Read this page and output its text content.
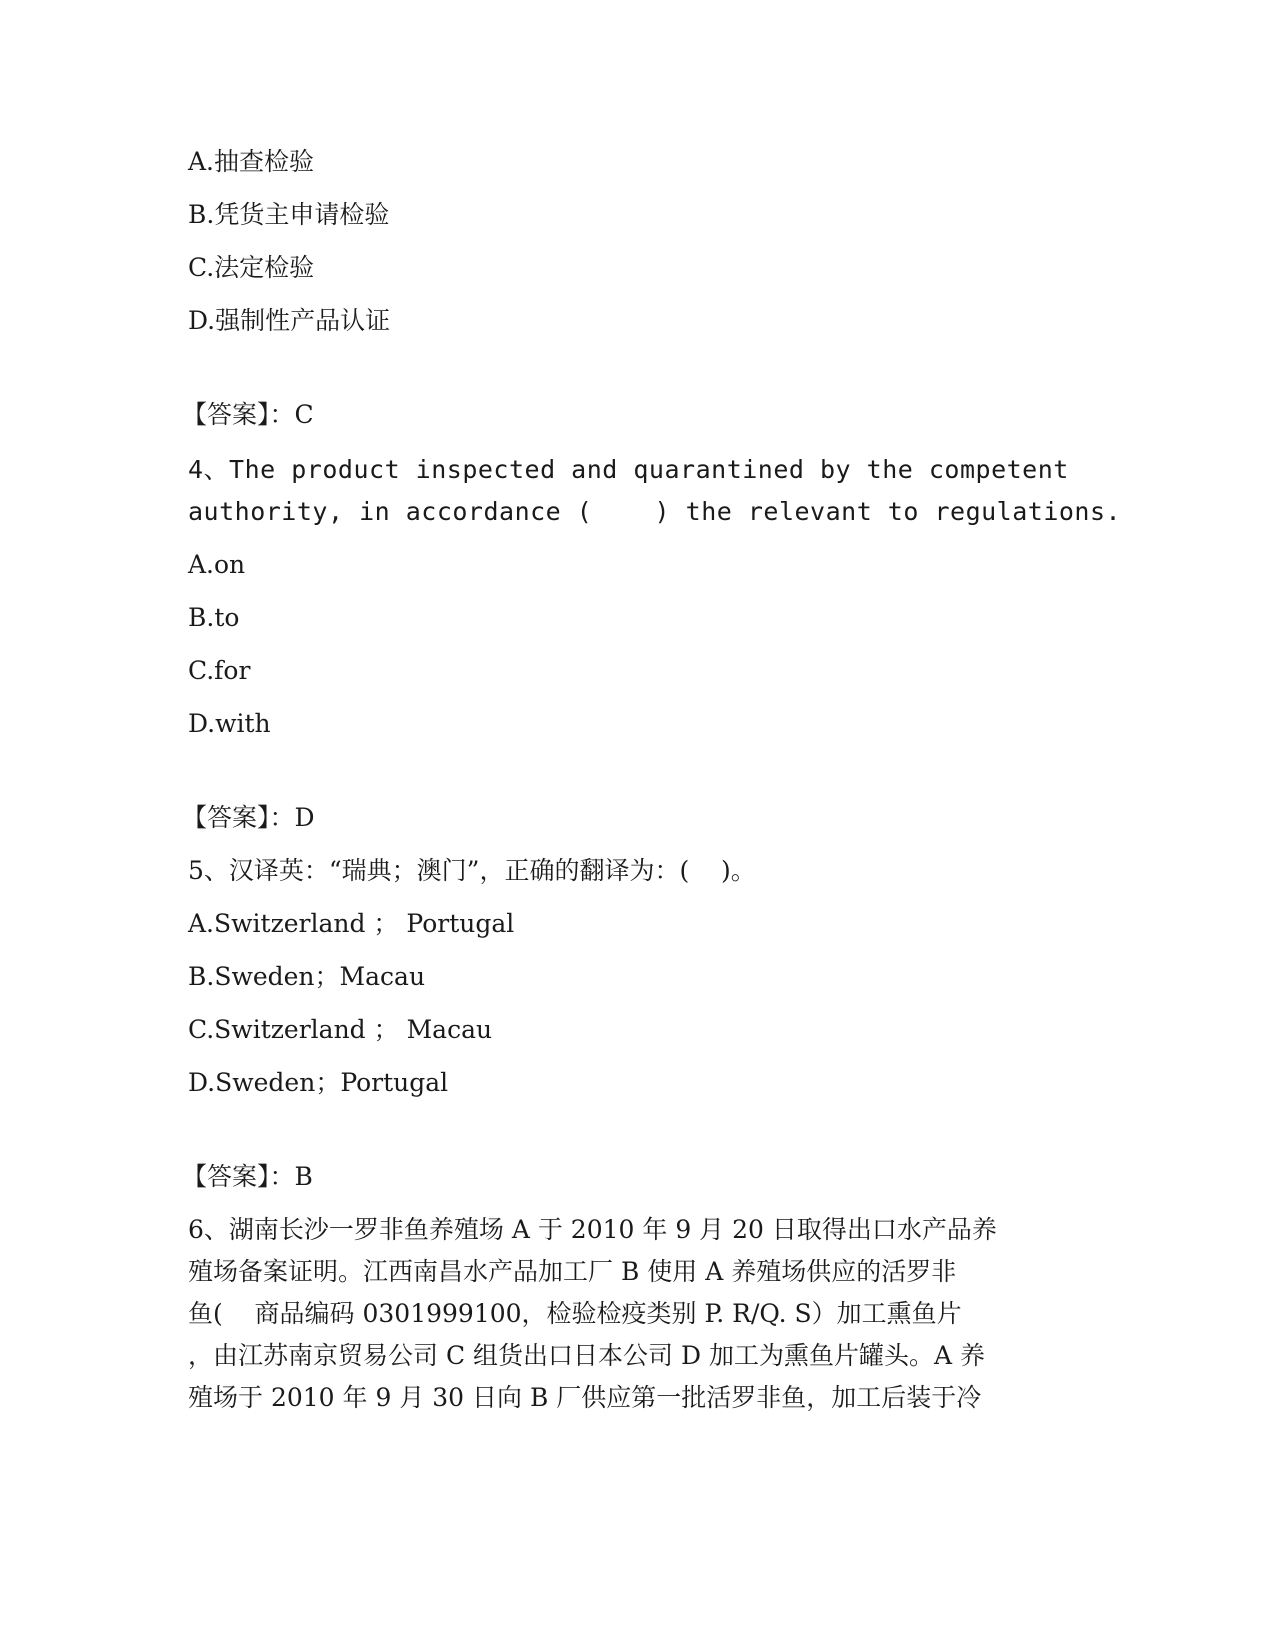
A.抽查检验
B.凭货主申请检验
C.法定检验
D.强制性产品认证
【答案】：C
4、The product inspected and quarantined by the competent
authority, in accordance (    ) the relevant to regulations.
A.on
B.to
C.for
D.with
【答案】：D
5、汉译英：“瑞典；澳门”，正确的翻译为：(    )。
A.Switzerland ； Portugal
B.Sweden；Macau
C.Switzerland ； Macau
D.Sweden；Portugal
【答案】：B
6、湖南长沙一罗非鱼养殖场 A 于 2010 年 9 月 20 日取得出口水产品养
殖场备案证明。江西南昌水产品加工厂 B 使用 A 养殖场供应的活罗非
鱼(    商品编码 0301999100，检验检疫类别 P. R/Q. S）加工熏鱼片
，由江苏南京贸易公司 C 组货出口日本公司 D 加工为熏鱼片罐头。A 养
殖场于 2010 年 9 月 30 日向 B 厂供应第一批活罗非鱼，加工后装于冷
